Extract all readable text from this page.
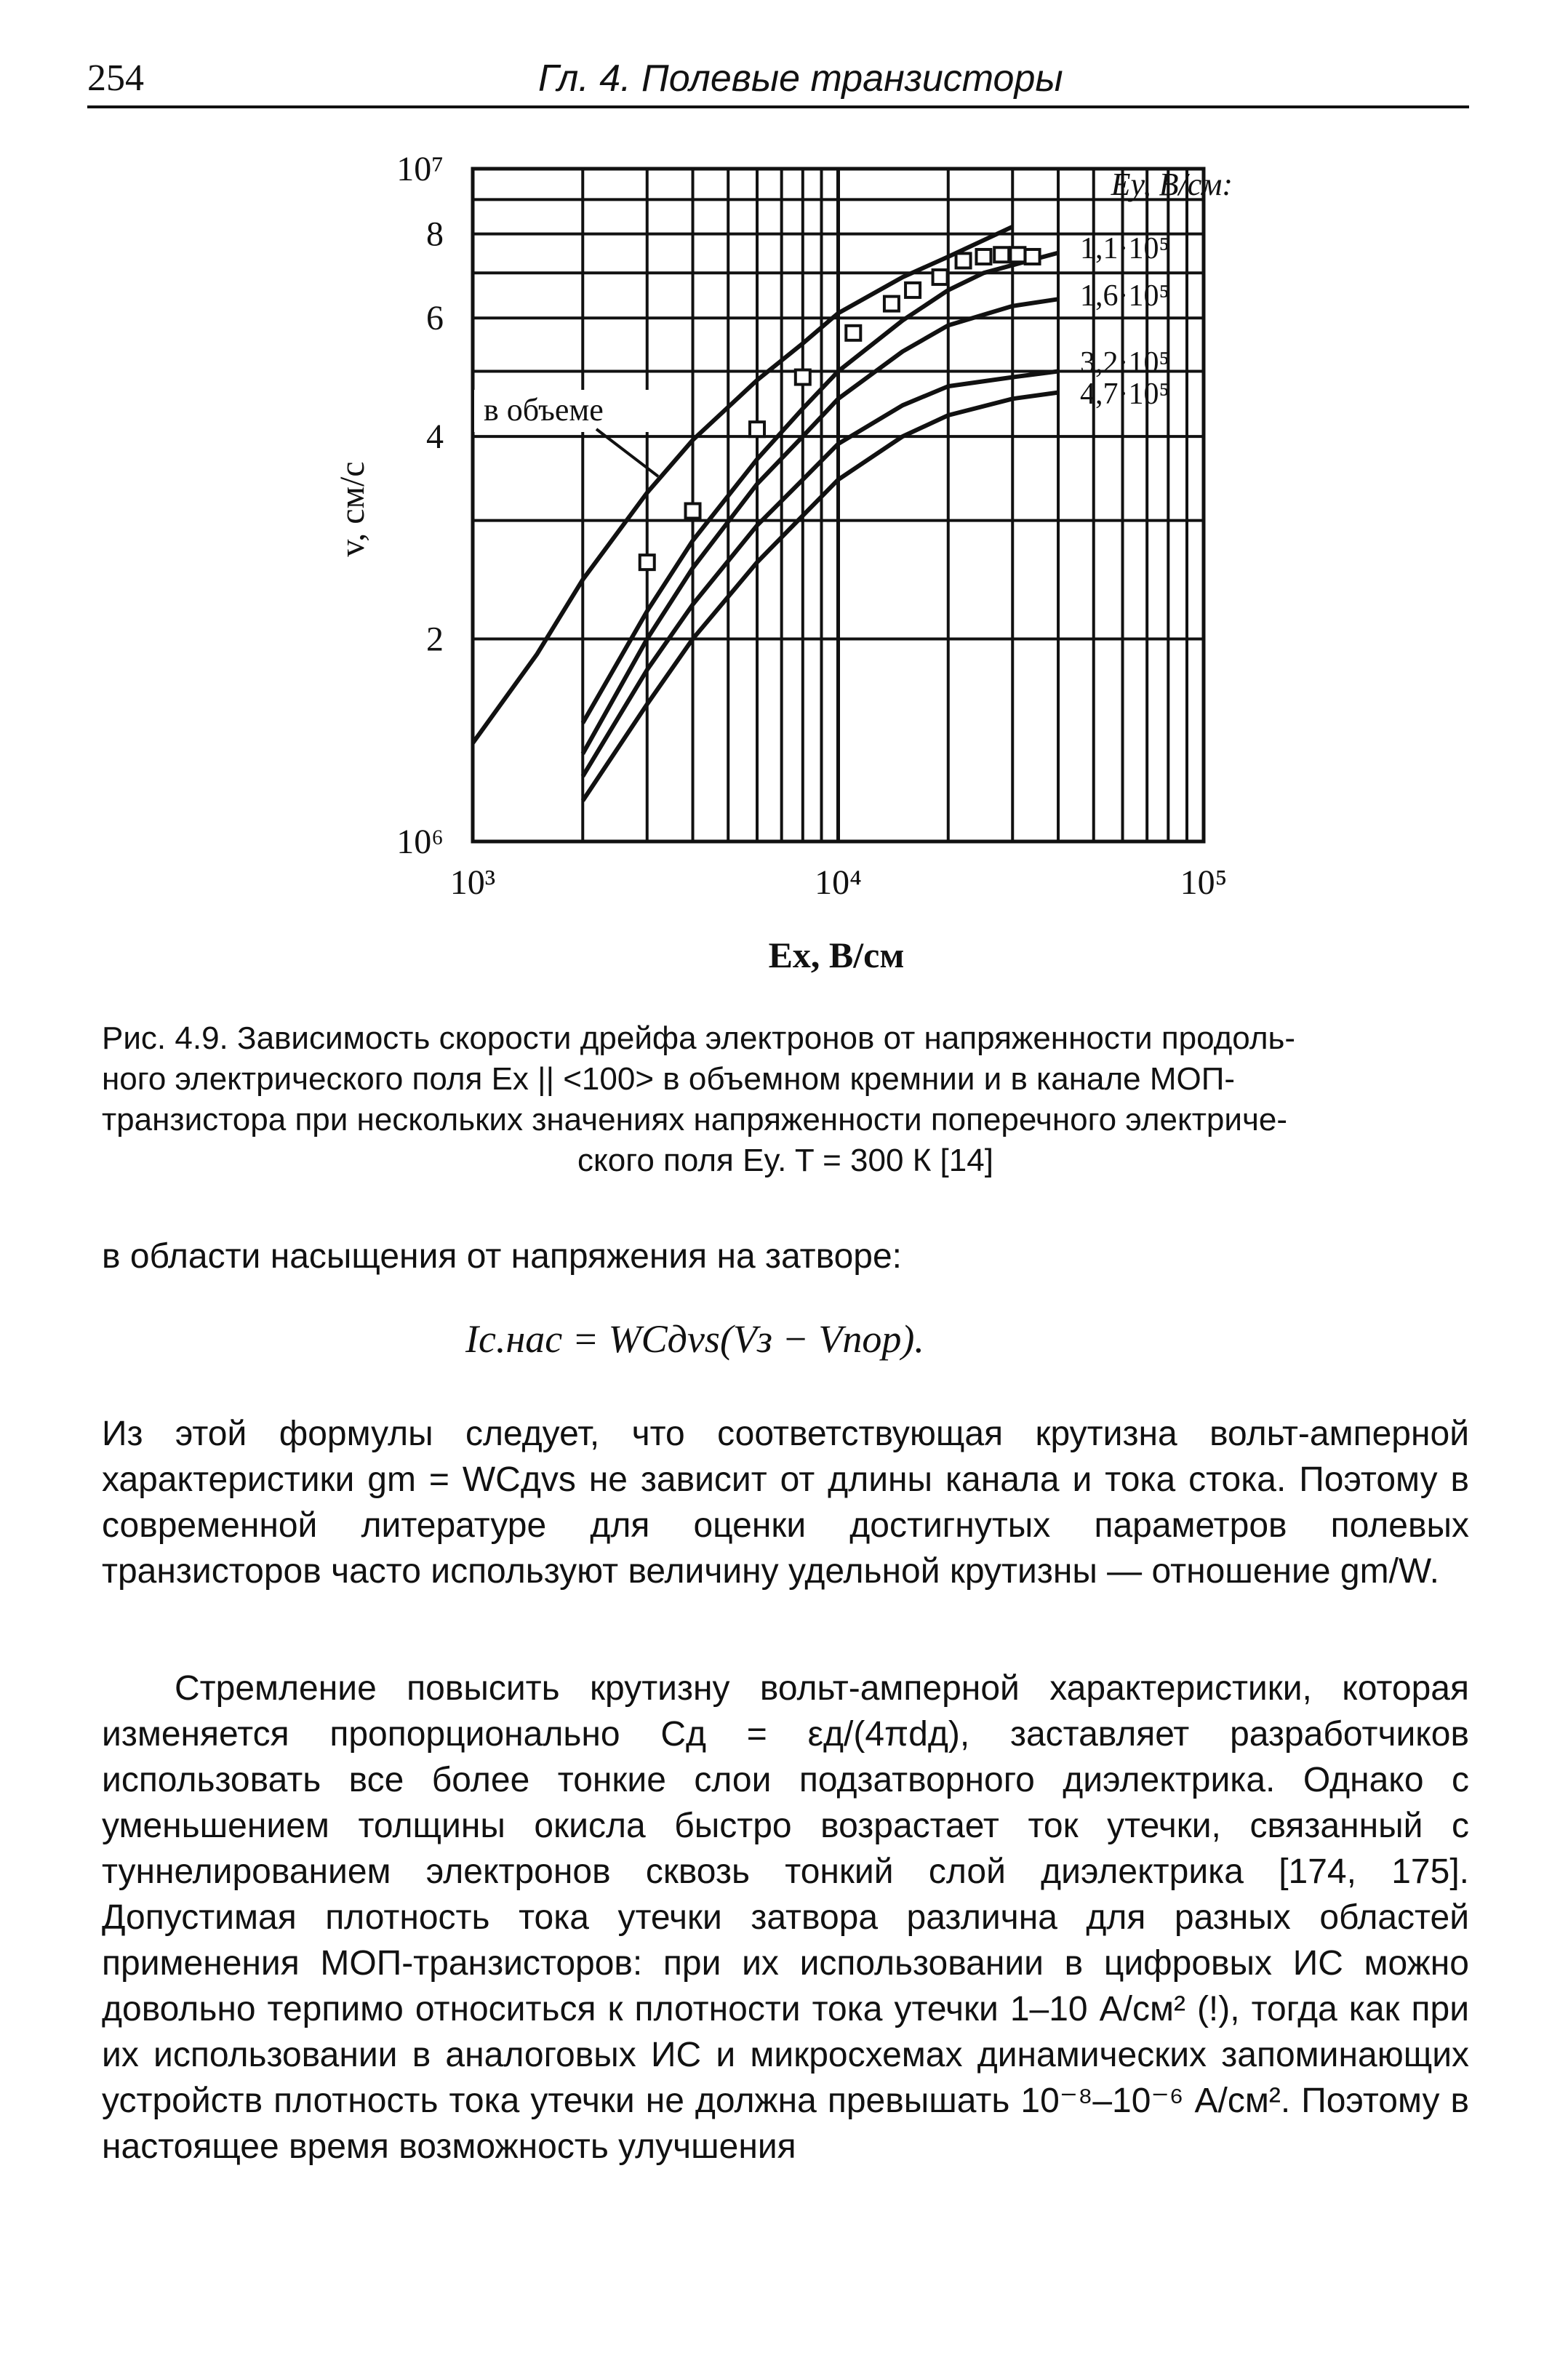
254	Гл. 4. Полевые транзисторы
10³	10⁴	10⁵
10⁶
2
4
6
8
10⁷
Ex, В/см
v, см/с
Ey, В/см:
1,1·10⁵
1,6·10⁵
3,2·10⁵
4,7·10⁵
в объеме
Рис. 4.9. Зависимость скорости дрейфа электронов от напряженности продоль-
ного электрического поля Ex || <100> в объемном кремнии и в канале МОП-
транзистора при нескольких значениях напряженности поперечного электриче-
ского поля Ey. T = 300 К [14]
в области насыщения от напряжения на затворе:
Iс.нас = WCдvs(Vз − Vпор).
Из этой формулы следует, что соответствующая крутизна вольт-амперной характеристики gm = WCдvs не зависит от длины канала и тока стока. Поэтому в современной литературе для оценки достигнутых параметров полевых транзисторов часто используют величину удельной крутизны — отношение gm/W.
Стремление повысить крутизну вольт-амперной характеристики, которая изменяется пропорционально Cд = εд/(4πdд), заставляет разработчиков использовать все более тонкие слои подзатворного диэлектрика. Однако с уменьшением толщины окисла быстро возрастает ток утечки, связанный с туннелированием электронов сквозь тонкий слой диэлектрика [174, 175]. Допустимая плотность тока утечки затвора различна для разных областей применения МОП-транзисторов: при их использовании в цифровых ИС можно довольно терпимо относиться к плотности тока утечки 1–10 А/см² (!), тогда как при их использовании в аналоговых ИС и микросхемах динамических запоминающих устройств плотность тока утечки не должна превышать 10⁻⁸–10⁻⁶ А/см². Поэтому в настоящее время возможность улучшения
